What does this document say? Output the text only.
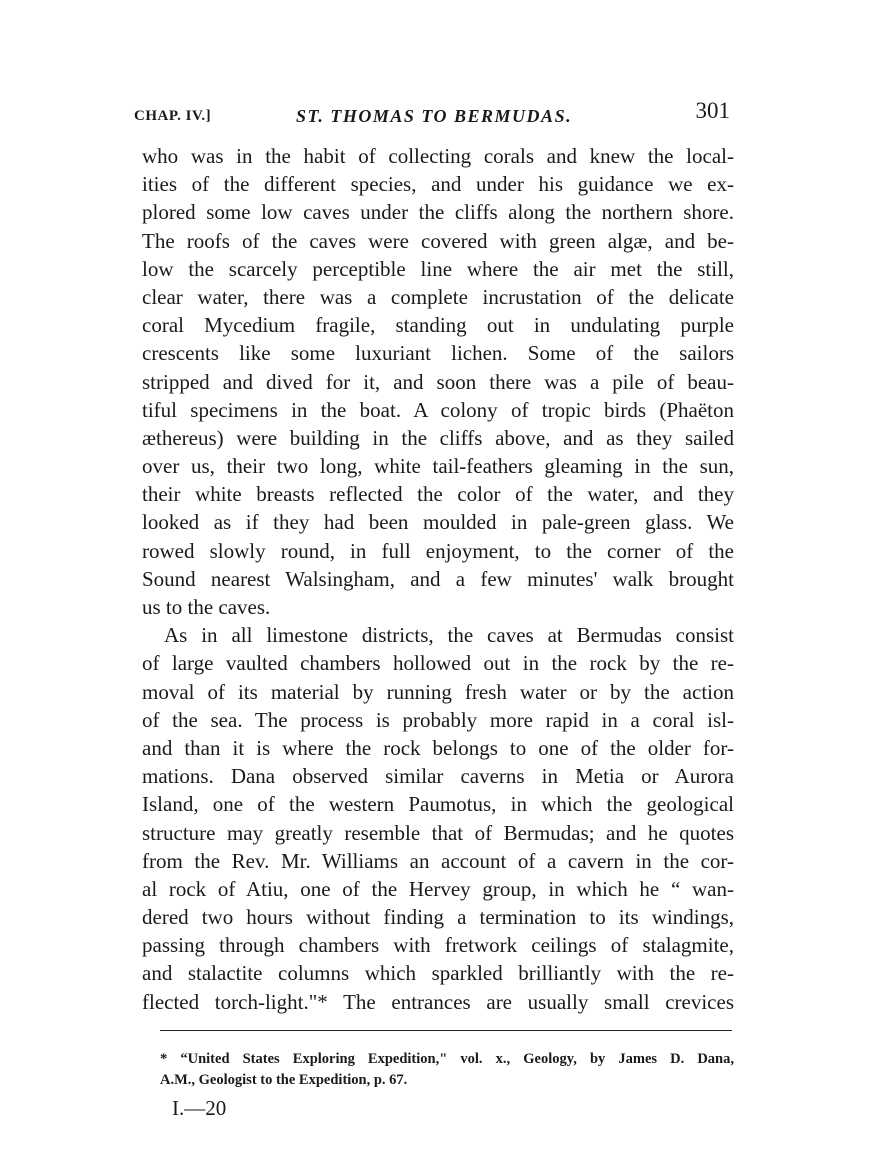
CHAP. IV.]	ST. THOMAS TO BERMUDAS.	301
who was in the habit of collecting corals and knew the local-
ities of the different species, and under his guidance we ex-
plored some low caves under the cliffs along the northern shore.
The roofs of the caves were covered with green algæ, and be-
low the scarcely perceptible line where the air met the still,
clear water, there was a complete incrustation of the delicate
coral Mycedium fragile, standing out in undulating purple
crescents like some luxuriant lichen. Some of the sailors
stripped and dived for it, and soon there was a pile of beau-
tiful specimens in the boat. A colony of tropic birds (Phaëton
æthereus) were building in the cliffs above, and as they sailed
over us, their two long, white tail-feathers gleaming in the sun,
their white breasts reflected the color of the water, and they
looked as if they had been moulded in pale-green glass. We
rowed slowly round, in full enjoyment, to the corner of the
Sound nearest Walsingham, and a few minutes' walk brought
us to the caves.
As in all limestone districts, the caves at Bermudas consist
of large vaulted chambers hollowed out in the rock by the re-
moval of its material by running fresh water or by the action
of the sea. The process is probably more rapid in a coral isl-
and than it is where the rock belongs to one of the older for-
mations. Dana observed similar caverns in Metia or Aurora
Island, one of the western Paumotus, in which the geological
structure may greatly resemble that of Bermudas; and he quotes
from the Rev. Mr. Williams an account of a cavern in the cor-
al rock of Atiu, one of the Hervey group, in which he “ wan-
dered two hours without finding a termination to its windings,
passing through chambers with fretwork ceilings of stalagmite,
and stalactite columns which sparkled brilliantly with the re-
flected torch-light."* The entrances are usually small crevices
* “United States Exploring Expedition," vol. x., Geology, by James D. Dana,
A.M., Geologist to the Expedition, p. 67.
I.—20
